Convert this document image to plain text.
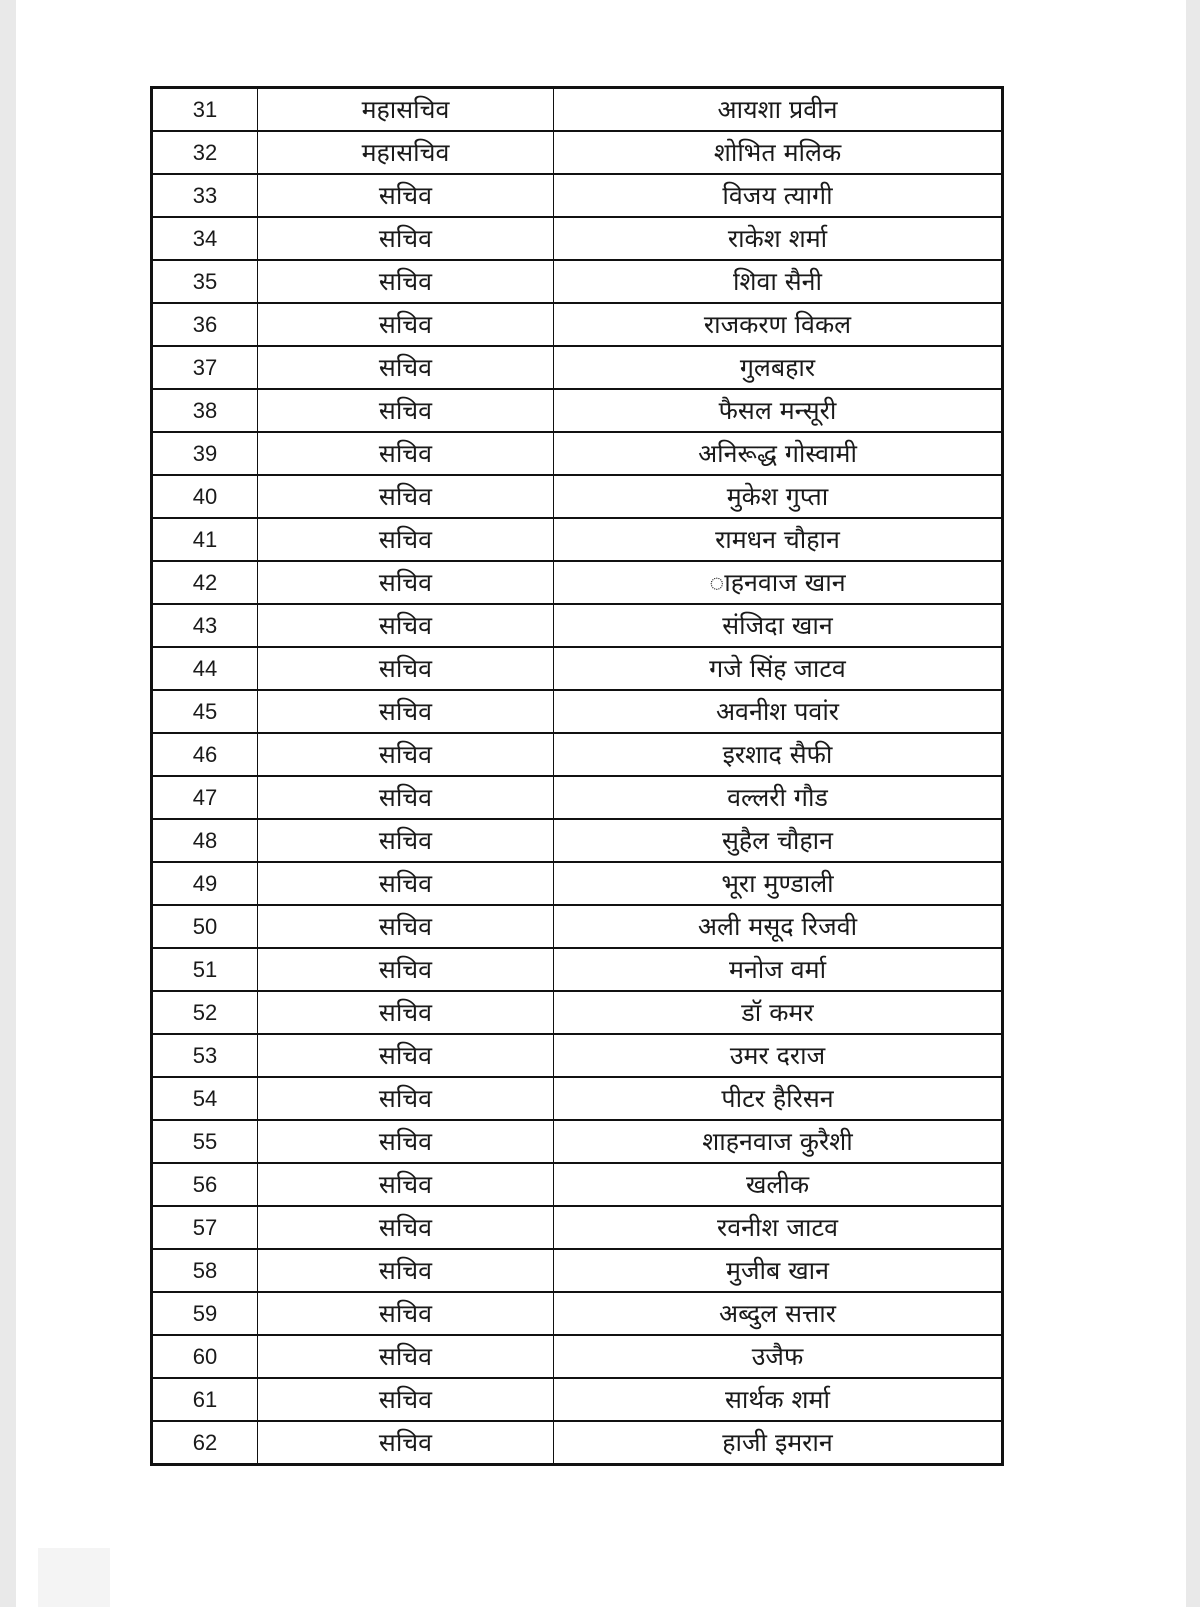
31	महासचिव	आयशा प्रवीन
32	महासचिव	शोभित मलिक
33	सचिव	विजय त्यागी
34	सचिव	राकेश शर्मा
35	सचिव	शिवा सैनी
36	सचिव	राजकरण विकल
37	सचिव	गुलबहार
38	सचिव	फैसल मन्सूरी
39	सचिव	अनिरूद्ध गोस्वामी
40	सचिव	मुकेश गुप्ता
41	सचिव	रामधन चौहान
42	सचिव	ाहनवाज खान
43	सचिव	संजिदा खान
44	सचिव	गजे सिंह जाटव
45	सचिव	अवनीश पवांर
46	सचिव	इरशाद सैफी
47	सचिव	वल्लरी गौड
48	सचिव	सुहैल चौहान
49	सचिव	भूरा मुण्डाली
50	सचिव	अली मसूद रिजवी
51	सचिव	मनोज वर्मा
52	सचिव	डॉ कमर
53	सचिव	उमर दराज
54	सचिव	पीटर हैरिसन
55	सचिव	शाहनवाज कुरैशी
56	सचिव	खलीक
57	सचिव	रवनीश जाटव
58	सचिव	मुजीब खान
59	सचिव	अब्दुल सत्तार
60	सचिव	उजैफ
61	सचिव	सार्थक शर्मा
62	सचिव	हाजी इमरान
